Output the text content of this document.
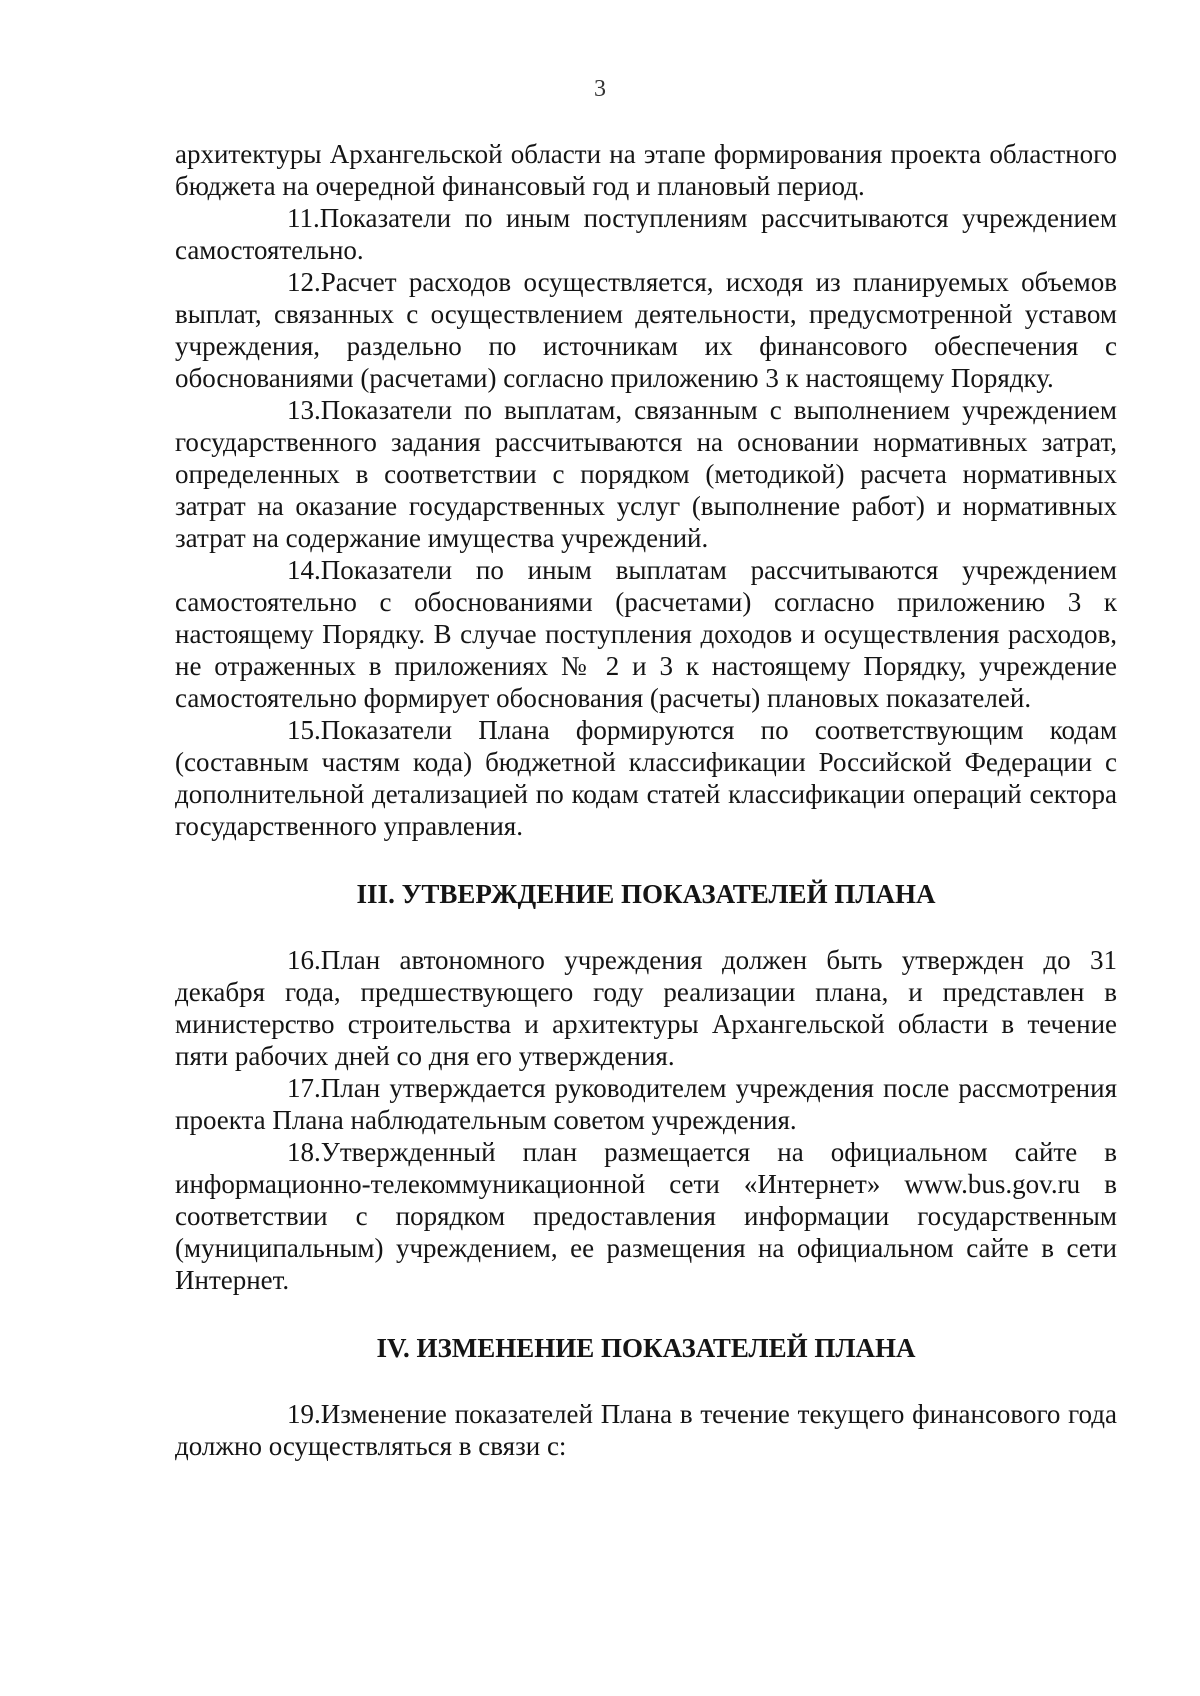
3

архитектуры Архангельской области на этапе формирования проекта областного бюджета на очередной финансовый год и плановый период.

11.Показатели по иным поступлениям рассчитываются учреждением самостоятельно.

12.Расчет расходов осуществляется, исходя из планируемых объемов выплат, связанных с осуществлением деятельности, предусмотренной уставом учреждения, раздельно по источникам их финансового обеспечения с обоснованиями (расчетами) согласно приложению 3 к настоящему Порядку.

13.Показатели по выплатам, связанным с выполнением учреждением государственного задания рассчитываются на основании нормативных затрат, определенных в соответствии с порядком (методикой) расчета нормативных затрат на оказание государственных услуг (выполнение работ) и нормативных затрат на содержание имущества учреждений.

14.Показатели по иным выплатам рассчитываются учреждением самостоятельно с обоснованиями (расчетами) согласно приложению 3 к настоящему Порядку. В случае поступления доходов и осуществления расходов, не отраженных в приложениях № 2 и 3 к настоящему Порядку, учреждение самостоятельно формирует обоснования (расчеты) плановых показателей.

15.Показатели Плана формируются по соответствующим кодам (составным частям кода) бюджетной классификации Российской Федерации с дополнительной детализацией по кодам статей классификации операций сектора государственного управления.

III. УТВЕРЖДЕНИЕ ПОКАЗАТЕЛЕЙ ПЛАНА

16.План автономного учреждения должен быть утвержден до 31 декабря года, предшествующего году реализации плана, и представлен в министерство строительства и архитектуры Архангельской области в течение пяти рабочих дней со дня его утверждения.

17.План утверждается руководителем учреждения после рассмотрения проекта Плана наблюдательным советом учреждения.

18.Утвержденный план размещается на официальном сайте в информационно-телекоммуникационной сети «Интернет» www.bus.gov.ru в соответствии с порядком предоставления информации государственным (муниципальным) учреждением, ее размещения на официальном сайте в сети Интернет.

IV. ИЗМЕНЕНИЕ ПОКАЗАТЕЛЕЙ ПЛАНА

19.Изменение показателей Плана в течение текущего финансового года должно осуществляться в связи с:
